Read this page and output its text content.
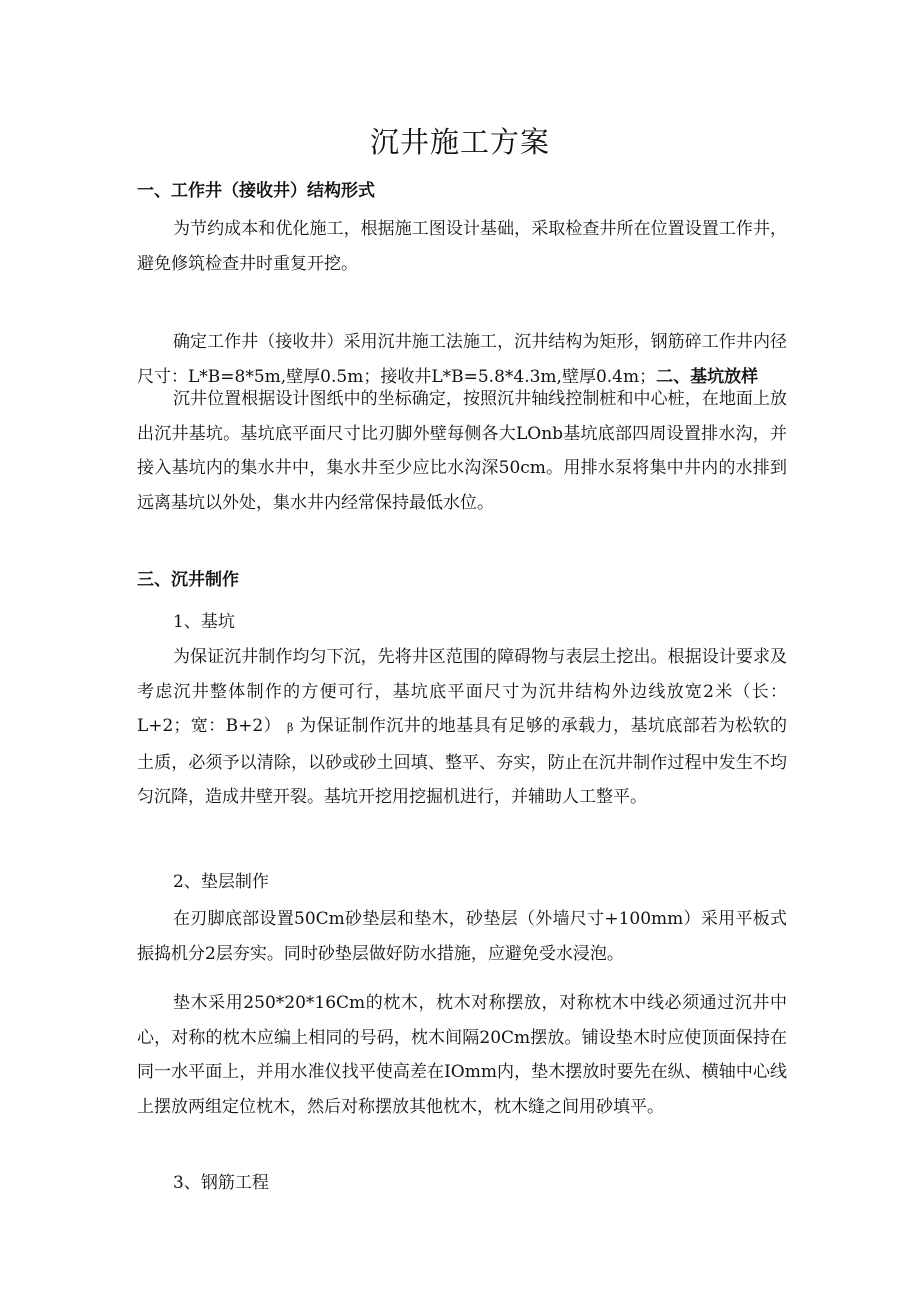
沉井施工方案
一、工作井（接收井）结构形式
为节约成本和优化施工，根据施工图设计基础，采取检查井所在位置设置工作井，避免修筑检查井时重复开挖。
确定工作井（接收井）采用沉井施工法施工，沉井结构为矩形，钢筋碎工作井内径尺寸：L*B=8*5m,壁厚0.5m；接收井L*B=5.8*4.3m,壁厚0.4m；二、基坑放样
沉井位置根据设计图纸中的坐标确定，按照沉井轴线控制桩和中心桩，在地面上放出沉井基坑。基坑底平面尺寸比刃脚外壁每侧各大LOnb基坑底部四周设置排水沟，并接入基坑内的集水井中，集水井至少应比水沟深50cm。用排水泵将集中井内的水排到远离基坑以外处，集水井内经常保持最低水位。
三、沉井制作
1、基坑
为保证沉井制作均匀下沉，先将井区范围的障碍物与表层土挖出。根据设计要求及考虑沉井整体制作的方便可行，基坑底平面尺寸为沉井结构外边线放宽2米（长：L+2；宽：B+2） β 为保证制作沉井的地基具有足够的承载力，基坑底部若为松软的土质，必须予以清除，以砂或砂土回填、整平、夯实，防止在沉井制作过程中发生不均匀沉降，造成井壁开裂。基坑开挖用挖掘机进行，并辅助人工整平。
2、垫层制作
在刃脚底部设置50Cm砂垫层和垫木，砂垫层（外墙尺寸+100mm）采用平板式振捣机分2层夯实。同时砂垫层做好防水措施，应避免受水浸泡。
垫木采用250*20*16Cm的枕木，枕木对称摆放，对称枕木中线必须通过沉井中心，对称的枕木应编上相同的号码，枕木间隔20Cm摆放。铺设垫木时应使顶面保持在同一水平面上，并用水准仪找平使高差在IOmm内，垫木摆放时要先在纵、横轴中心线上摆放两组定位枕木，然后对称摆放其他枕木，枕木缝之间用砂填平。
3、钢筋工程
